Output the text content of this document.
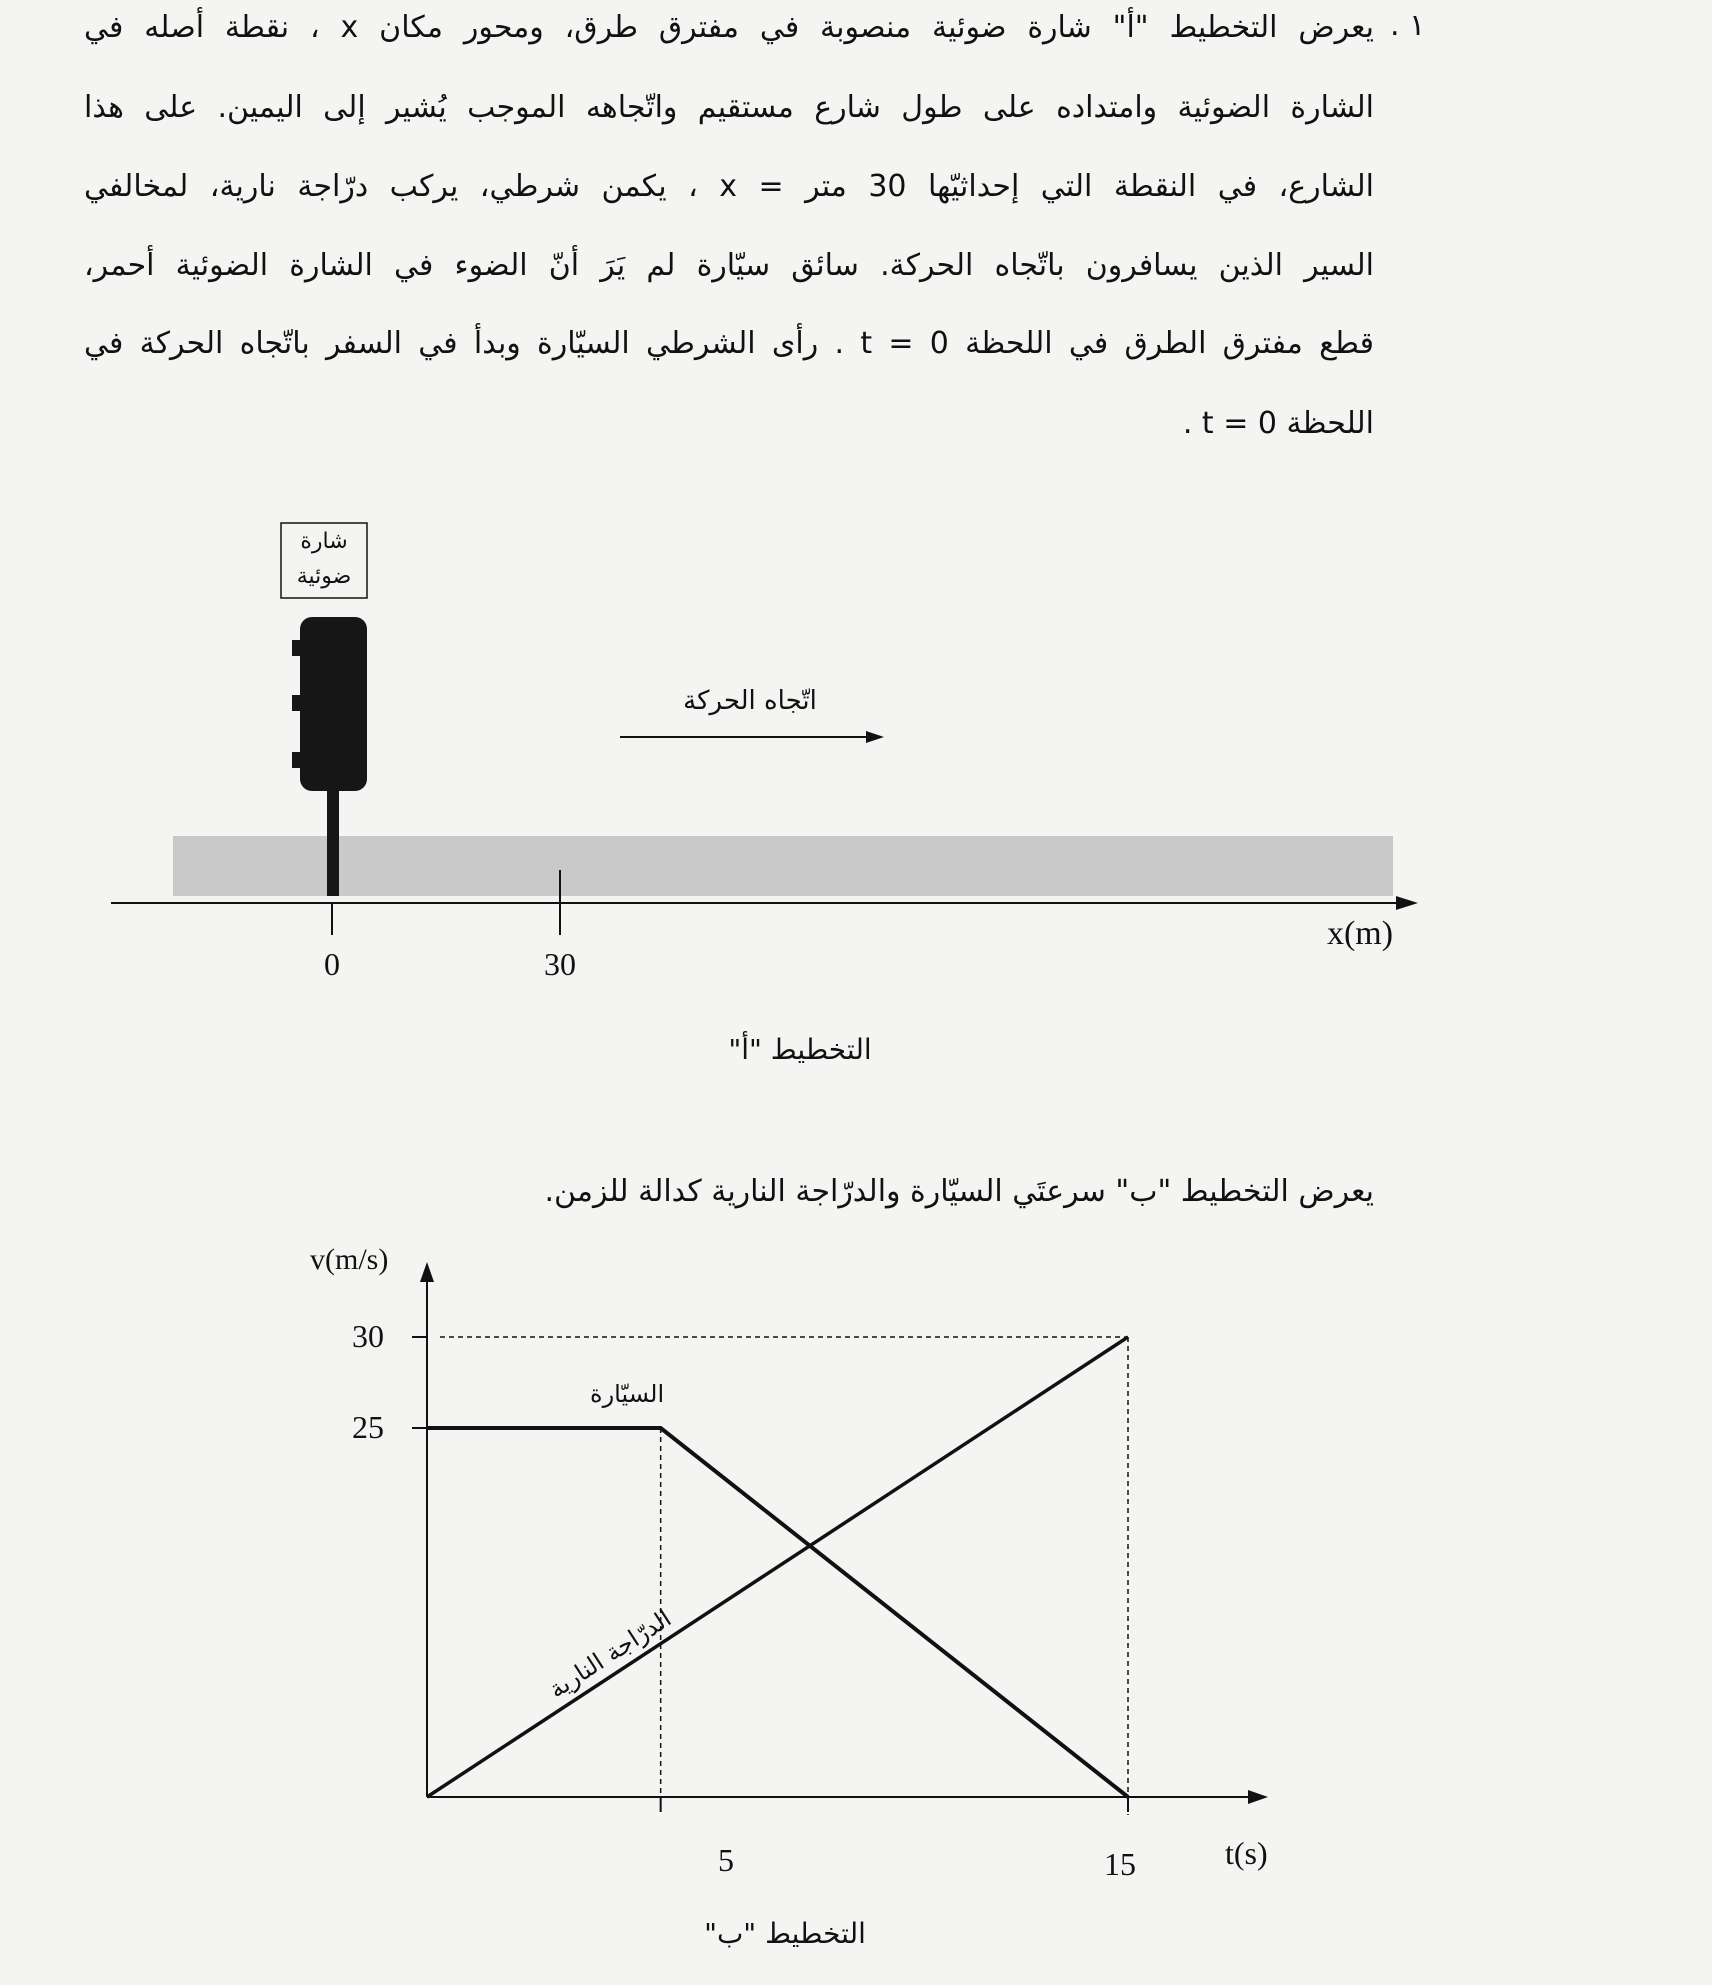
١ .
يعرض التخطيط "أ" شارة ضوئية منصوبة في مفترق طرق، ومحور مكان x ، نقطة أصله في
الشارة الضوئية وامتداده على طول شارع مستقيم واتّجاهه الموجب يُشير إلى اليمين. على هذا
الشارع، في النقطة التي إحداثيّها 30 متر = x ، يكمن شرطي، يركب درّاجة نارية، لمخالفي
السير الذين يسافرون باتّجاه الحركة. سائق سيّارة لم يَرَ أنّ الضوء في الشارة الضوئية أحمر،
قطع مفترق الطرق في اللحظة t = 0 . رأى الشرطي السيّارة وبدأ في السفر باتّجاه الحركة في
اللحظة t = 0 .
شارة
ضوئية
اتّجاه الحركة
0	30
x(m)
التخطيط "أ"
يعرض التخطيط "ب" سرعتَي السيّارة والدرّاجة النارية كدالة للزمن.
v(m/s)
t(s)
30
25
5	15
السيّارة
الدرّاجة النارية
التخطيط "ب"
